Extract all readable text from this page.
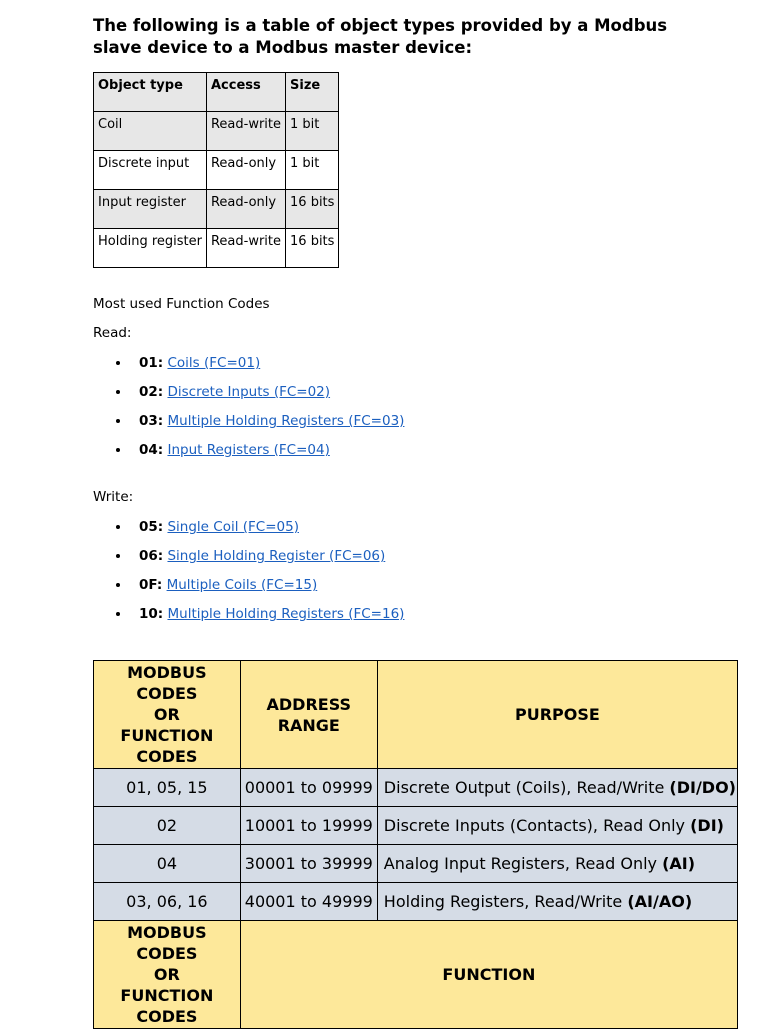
The following is a table of object types provided by a Modbus slave device to a Modbus master device:
Object type	Access	Size
Coil	Read-write	1 bit
Discrete input	Read-only	1 bit
Input register	Read-only	16 bits
Holding register	Read-write	16 bits
Most used Function Codes
Read:
01: Coils (FC=01)
02: Discrete Inputs (FC=02)
03: Multiple Holding Registers (FC=03)
04: Input Registers (FC=04)
Write:
05: Single Coil (FC=05)
06: Single Holding Register (FC=06)
0F: Multiple Coils (FC=15)
10: Multiple Holding Registers (FC=16)
MODBUS CODES
OR
FUNCTION CODES	ADDRESS RANGE	PURPOSE
01, 05, 15	00001 to 09999	Discrete Output (Coils), Read/Write (DI/DO)
02	10001 to 19999	Discrete Inputs (Contacts), Read Only (DI)
04	30001 to 39999	Analog Input Registers, Read Only (AI)
03, 06, 16	40001 to 49999	Holding Registers, Read/Write (AI/AO)

MODBUS CODES
OR
FUNCTION CODES	FUNCTION	
